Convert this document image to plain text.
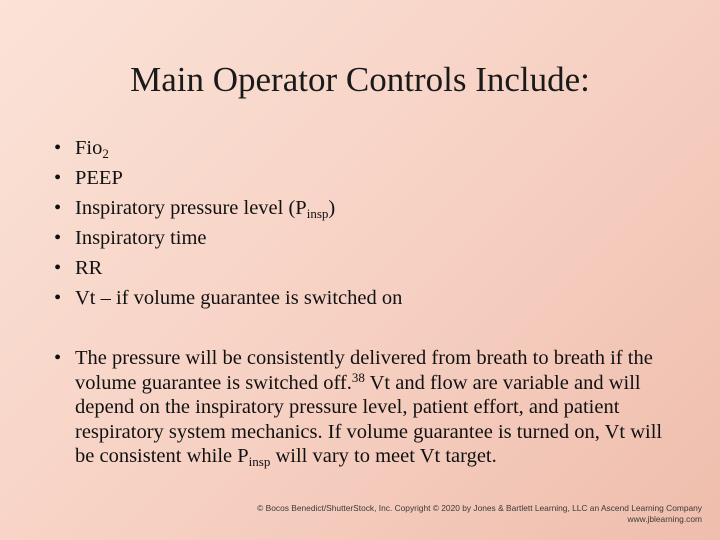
Main Operator Controls Include:
• Fio$_2$
• PEEP
• Inspiratory pressure level $(P_{insp})$
• Inspiratory time
• RR
• Vt – if volume guarantee is switched on
• The pressure will be consistently delivered from breath to breath if the volume guarantee is switched off.$^{38}$ Vt and flow are variable and will depend on the inspiratory pressure level, patient effort, and patient respiratory system mechanics. If volume guarantee is turned on, Vt will be consistent while $P_{insp}$ will vary to meet Vt target.
© Bocos Benedict/ShutterStock, Inc. Copyright © 2020 by Jones & Bartlett Learning, LLC an Ascend Learning Company
www.jblearning.com
